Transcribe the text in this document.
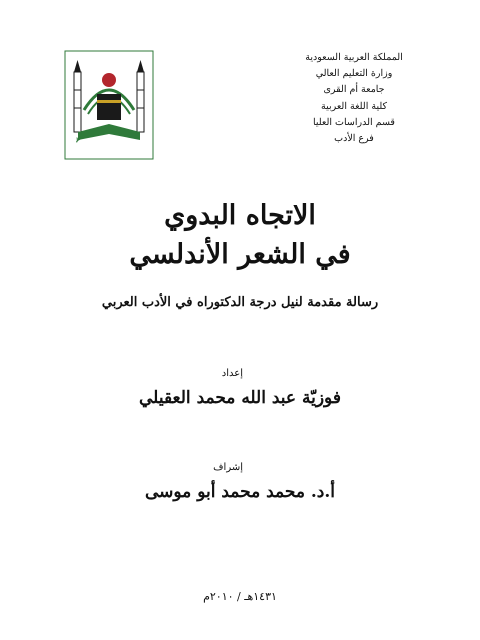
المملكة العربية السعودية
وزارة التعليم العالي
جامعة أم القرى
كلية اللغة العربية
قسم الدراسات العليا
فرع الأدب
Y
الاتجاه البدوي
في الشعر الأندلسي
رسالة مقدمة لنيل درجة الدكتوراه في الأدب العربي
إعداد
فوزيّة عبد الله محمد العقيلي
إشراف
أ.د. محمد محمد أبو موسى
١٤٣١هـ / ٢٠١٠م
